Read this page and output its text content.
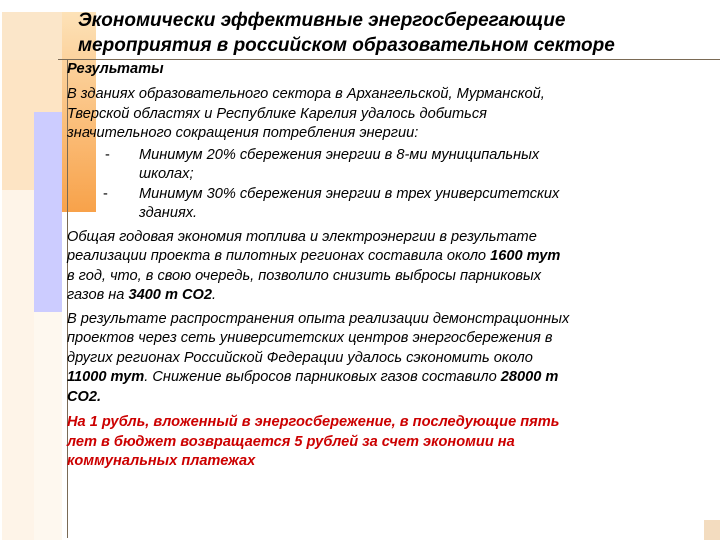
Экономически эффективные энергосберегающие
мероприятия в российском образовательном секторе
Результаты
В зданиях образовательного сектора в Архангельской, Мурманской,
Тверской областях и Республике Карелия удалось добиться
значительного сокращения потребления энергии:
- Минимум 20% сбережения энергии в 8-ми муниципальных
школах;
- Минимум 30% сбережения энергии в трех университетских
зданиях.
Общая годовая экономия топлива и электроэнергии в результате
реализации проекта в пилотных регионах составила около 1600 тут
в год, что, в свою очередь, позволило снизить выбросы парниковых
газов на 3400 т СО2.
В результате распространения опыта реализации демонстрационных
проектов через сеть университетских центров энергосбережения в
других регионах Российской Федерации удалось сэкономить около
11000 тут. Снижение выбросов парниковых газов составило 28000 т
СО2.
На 1 рубль, вложенный в энергосбережение, в последующие пять
лет в бюджет возвращается 5 рублей за счет экономии на
коммунальных платежах
